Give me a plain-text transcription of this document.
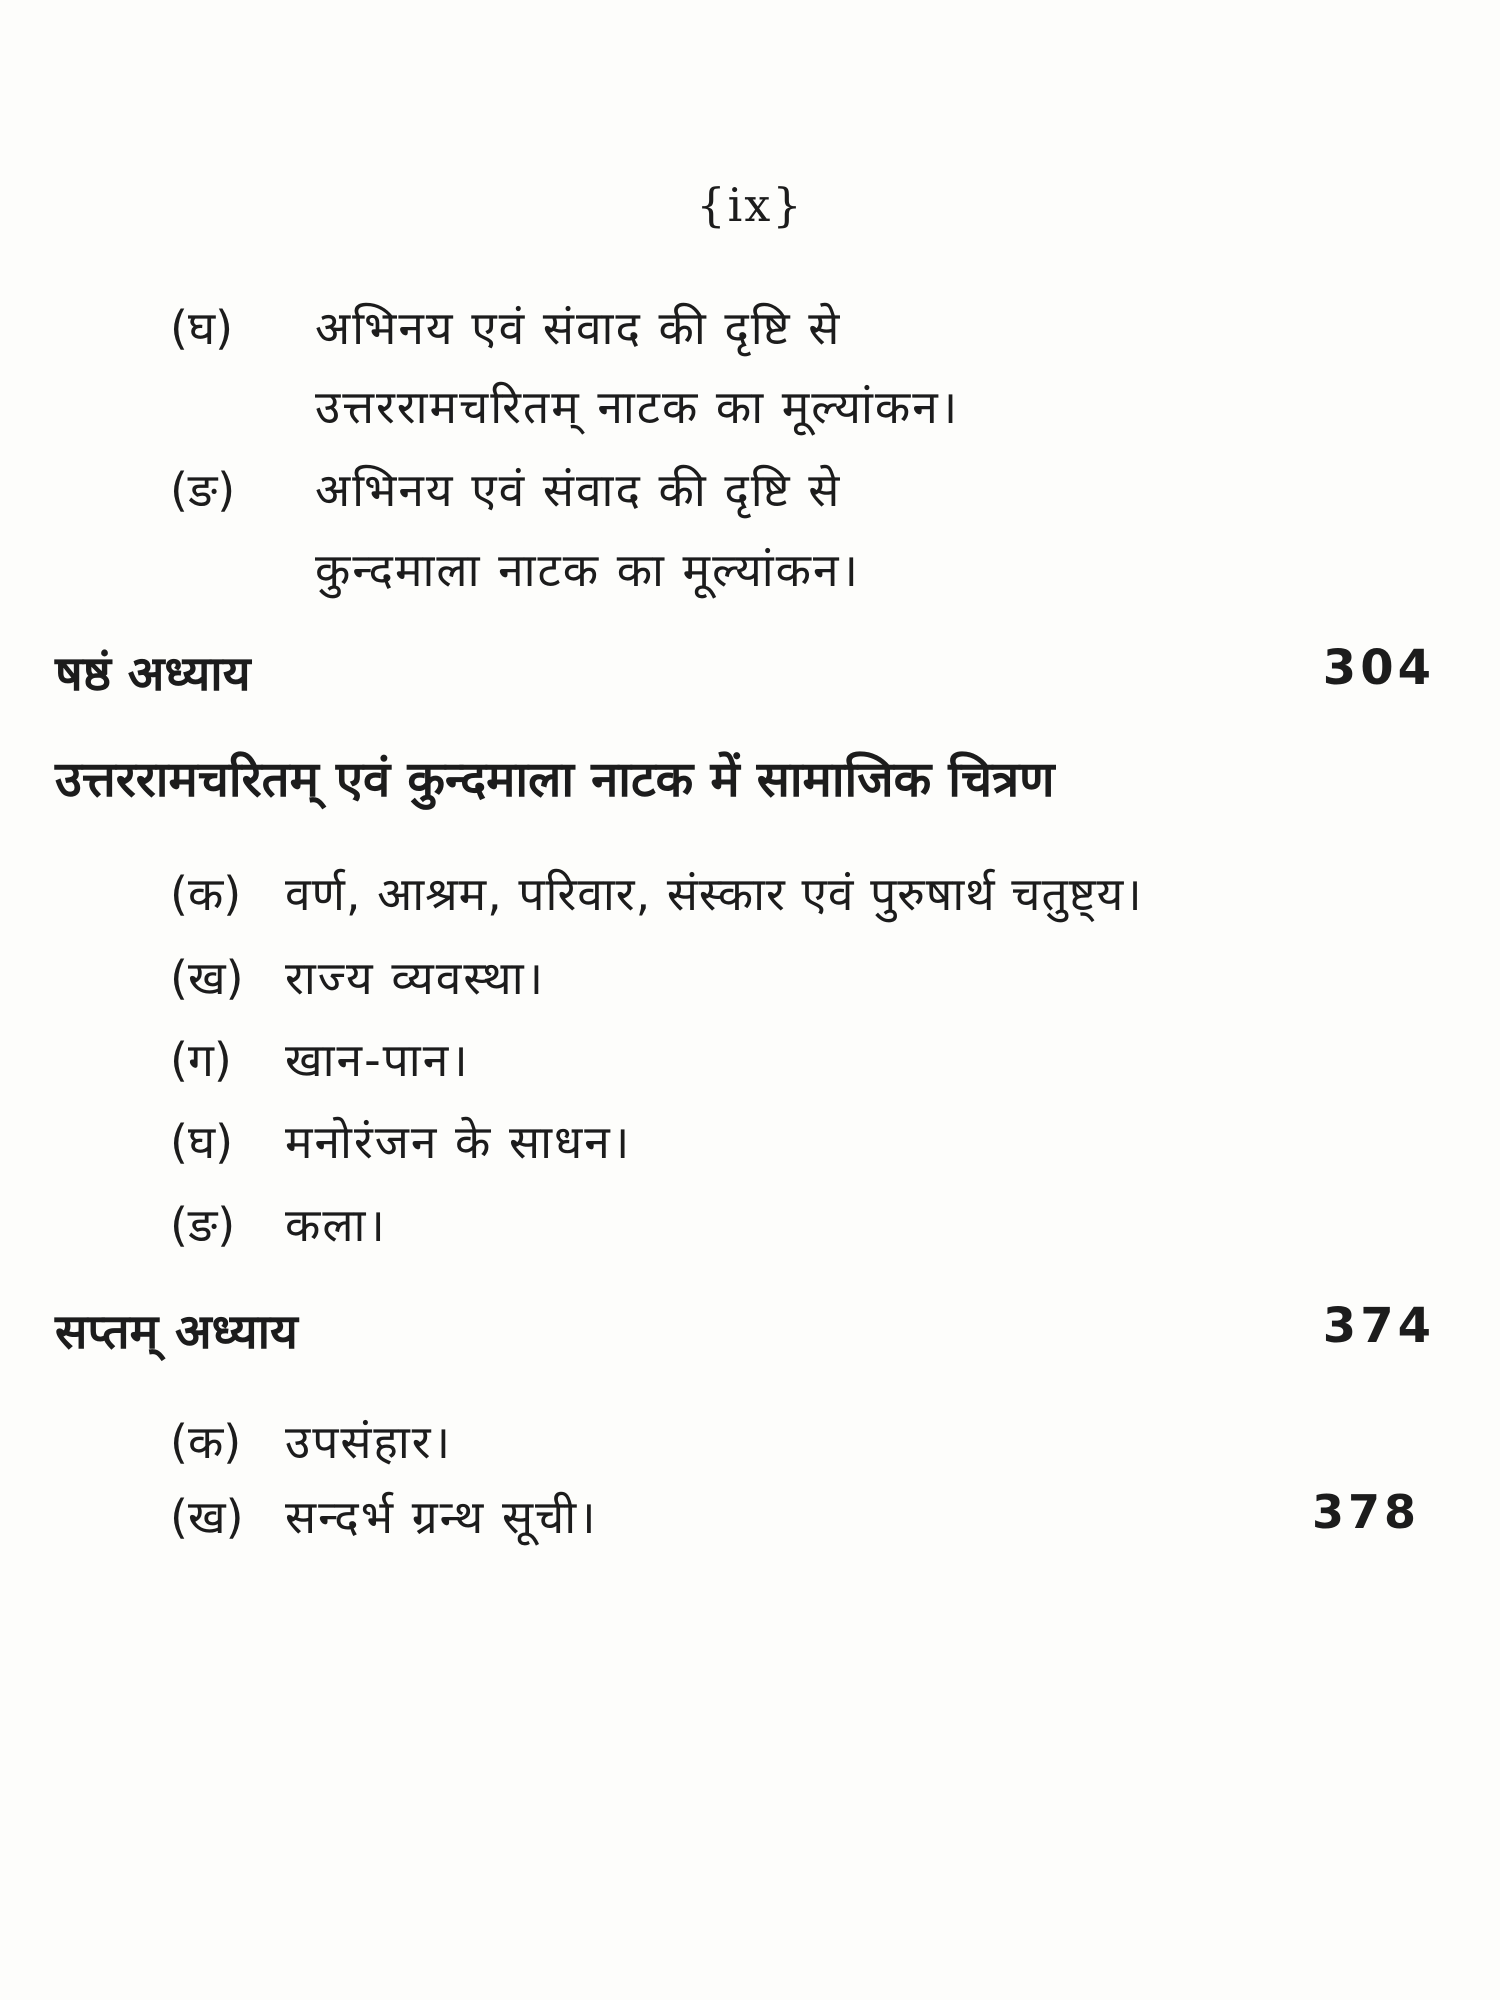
{ix}
(घ) अभिनय एवं संवाद की दृष्टि से
उत्तररामचरितम् नाटक का मूल्यांकन।
(ङ) अभिनय एवं संवाद की दृष्टि से
कुन्दमाला नाटक का मूल्यांकन।
षष्ठं अध्याय	304
उत्तररामचरितम् एवं कुन्दमाला नाटक में सामाजिक चित्रण
(क) वर्ण, आश्रम, परिवार, संस्कार एवं पुरुषार्थ चतुष्ट्य।
(ख) राज्य व्यवस्था।
(ग) खान-पान।
(घ) मनोरंजन के साधन।
(ङ) कला।
सप्तम् अध्याय	374
(क) उपसंहार।
(ख) सन्दर्भ ग्रन्थ सूची।	378
